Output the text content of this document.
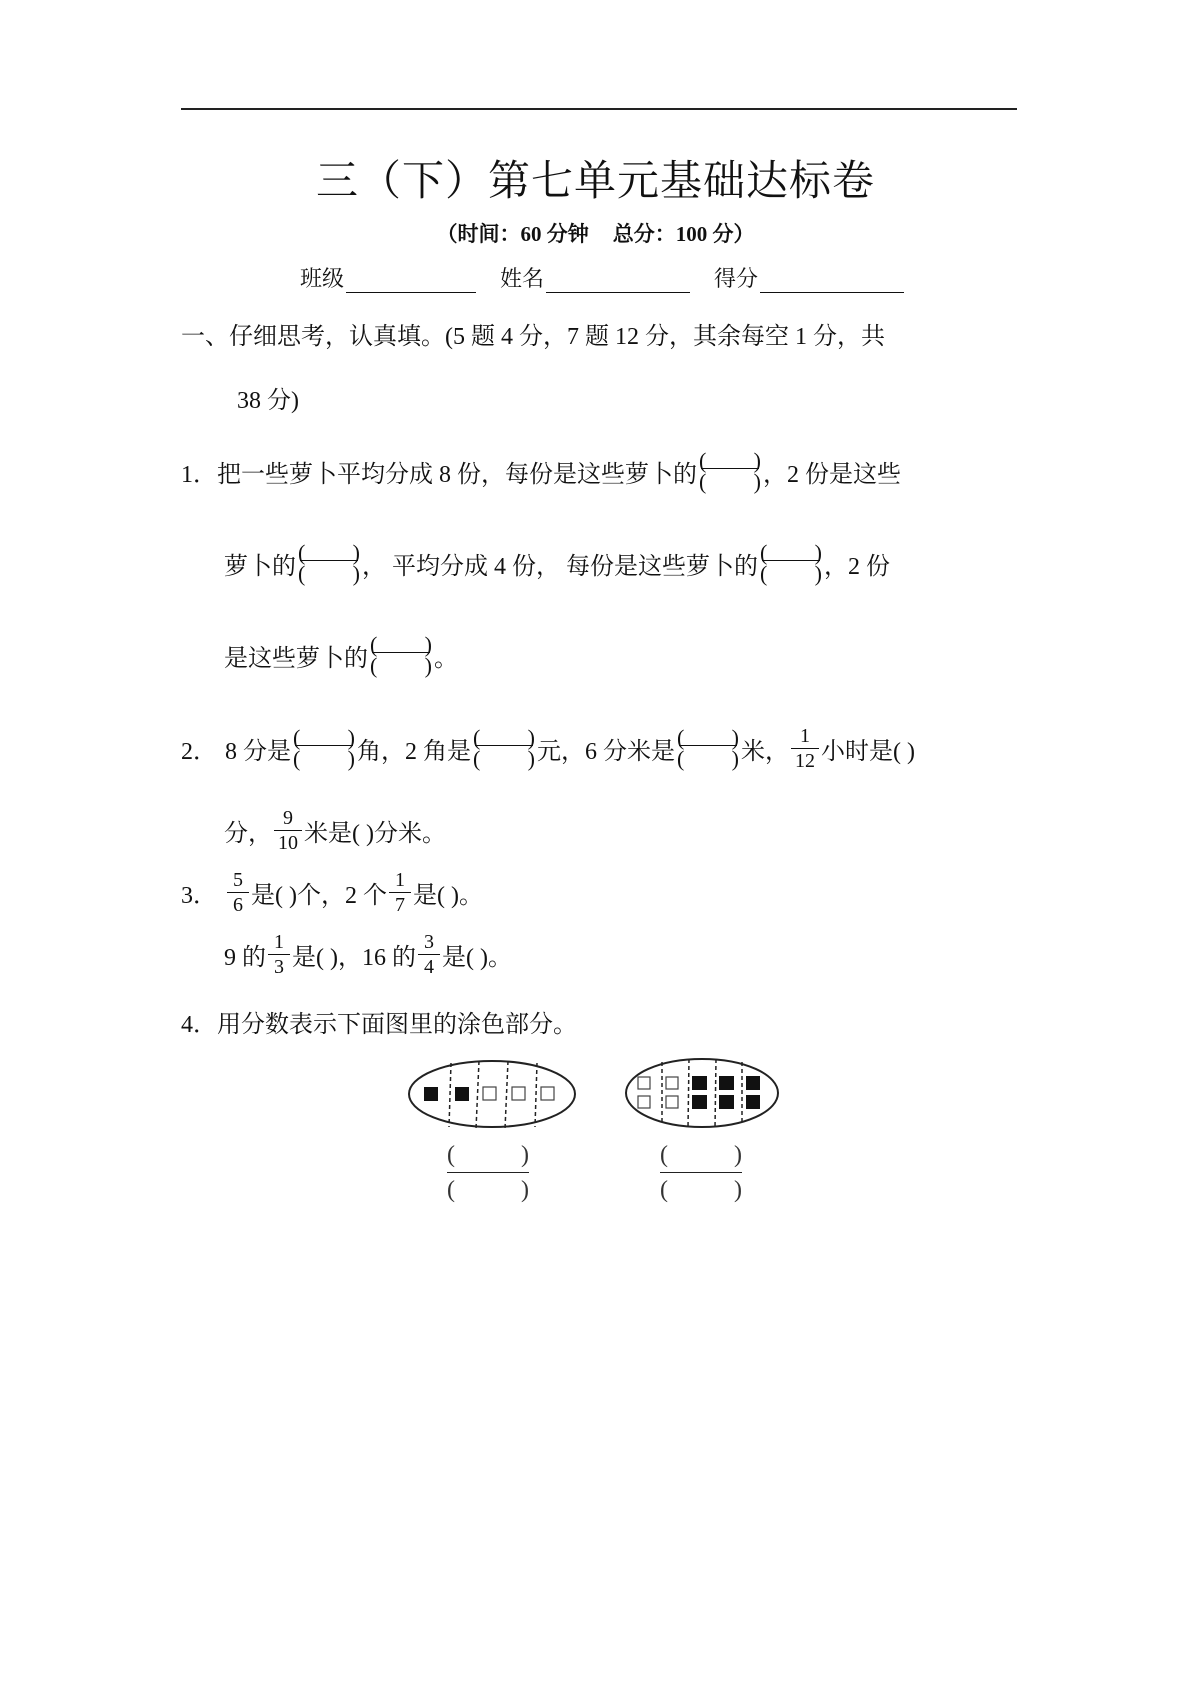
三（下）第七单元基础达标卷
（时间：60 分钟 总分：100 分）
班级	姓名	得分
一、仔细思考，认真填。(5 题 4 分，7 题 12 分，其余每空 1 分，共
38 分)
1． 把一些萝卜平均分成 8 份，每份是这些萝卜的 $\frac{( )}{( )}$ ，2 份是这些
萝卜的 $\frac{( )}{( )}$ ， 平均分成 4 份， 每份是这些萝卜的 $\frac{( )}{( )}$ ，2 份
是这些萝卜的 $\frac{( )}{( )}$ 。
2． 8 分是 $\frac{( )}{( )}$ 角，2 角是 $\frac{( )}{( )}$ 元，6 分米是 $\frac{( )}{( )}$ 米， $\frac{1}{12}$ 小时是( )
分， $\frac{9}{10}$ 米是( )分米。
3． $\frac{5}{6}$ 是( )个，2 个 $\frac{1}{7}$ 是( )。
9 的 $\frac{1}{3}$ 是( )，16 的 $\frac{3}{4}$ 是( )。
4． 用分数表示下面图里的涂色部分。
(	)
(	)
(	)
(	)
